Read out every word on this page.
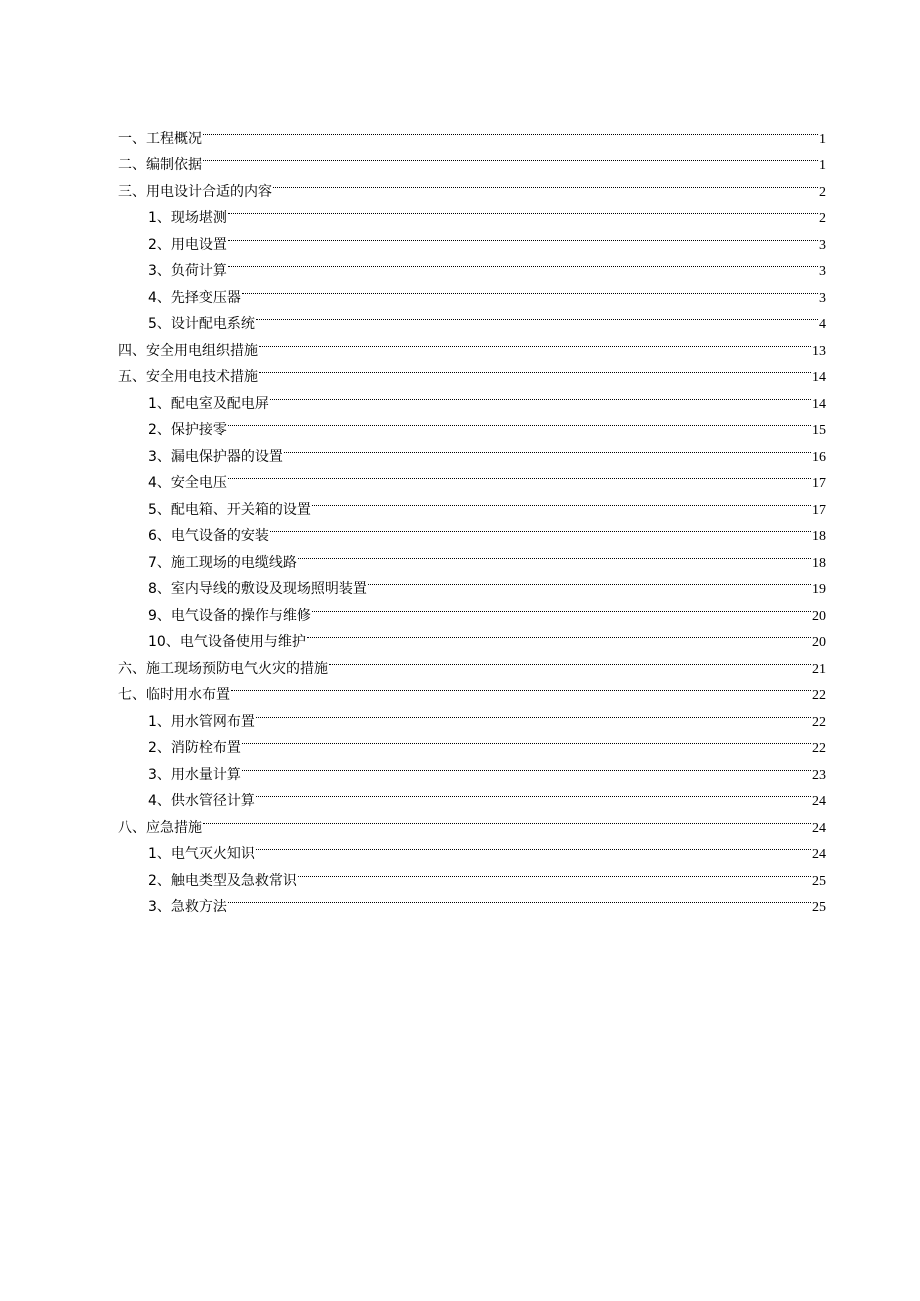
一、工程概况	1
二、编制依据	1
三、用电设计合适的内容	2
1、现场堪测	2
2、用电设置	3
3、负荷计算	3
4、先择变压器	3
5、设计配电系统	4
四、安全用电组织措施	13
五、安全用电技术措施	14
1、配电室及配电屏	14
2、保护接零	15
3、漏电保护器的设置	16
4、安全电压	17
5、配电箱、开关箱的设置	17
6、电气设备的安装	18
7、施工现场的电缆线路	18
8、室内导线的敷设及现场照明装置	19
9、电气设备的操作与维修	20
10、电气设备使用与维护	20
六、施工现场预防电气火灾的措施	21
七、临时用水布置	22
1、用水管网布置	22
2、消防栓布置	22
3、用水量计算	23
4、供水管径计算	24
八、应急措施	24
1、电气灭火知识	24
2、触电类型及急救常识	25
3、急救方法	25
